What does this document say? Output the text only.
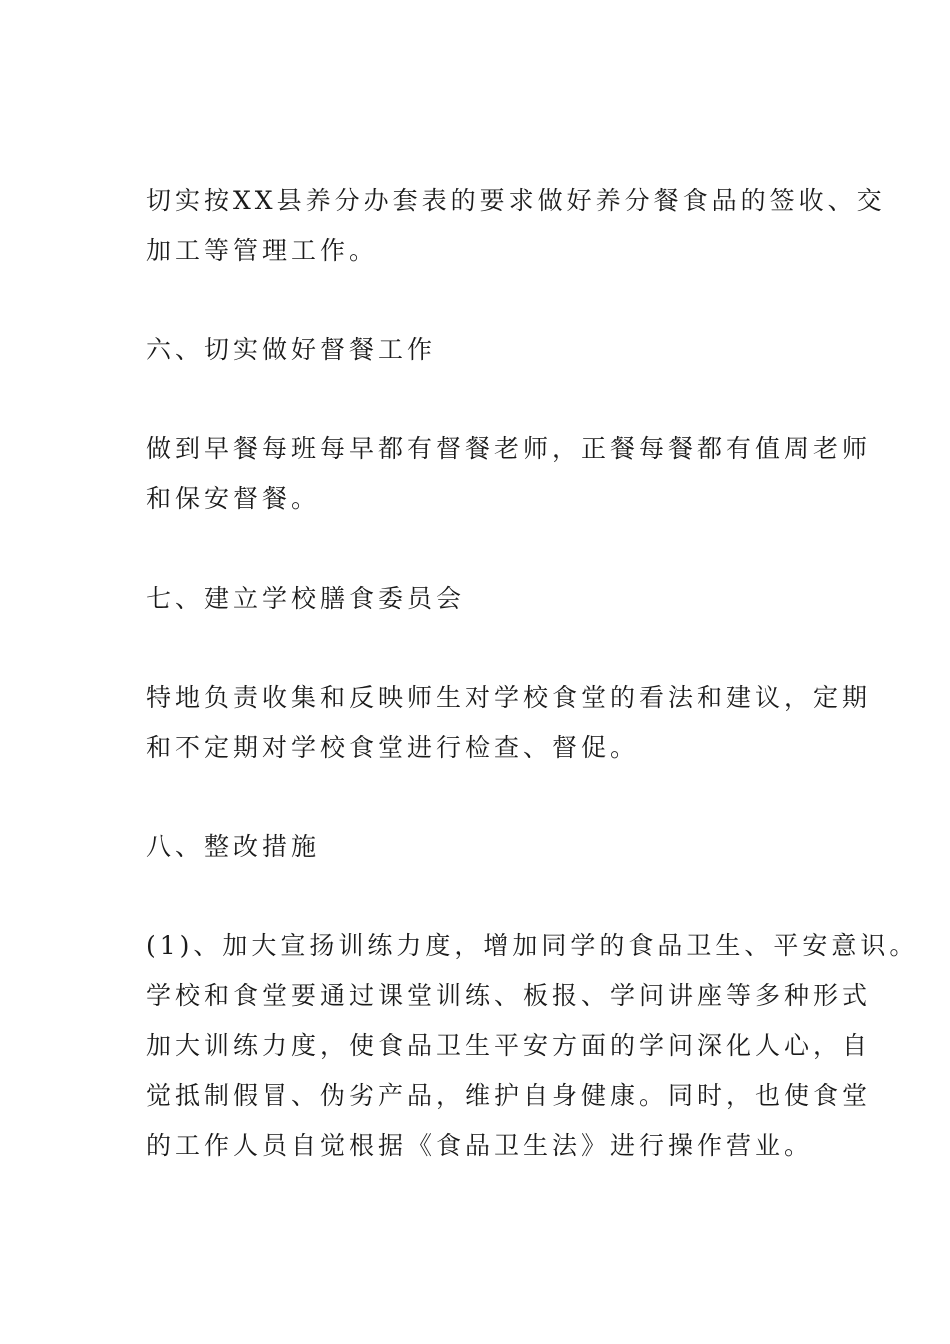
切实按XX县养分办套表的要求做好养分餐食品的签收、交
加工等管理工作。
六、切实做好督餐工作
做到早餐每班每早都有督餐老师，正餐每餐都有值周老师
和保安督餐。
七、建立学校膳食委员会
特地负责收集和反映师生对学校食堂的看法和建议，定期
和不定期对学校食堂进行检查、督促。
八、整改措施
(1)、加大宣扬训练力度，增加同学的食品卫生、平安意识。
学校和食堂要通过课堂训练、板报、学问讲座等多种形式
加大训练力度，使食品卫生平安方面的学问深化人心，自
觉抵制假冒、伪劣产品，维护自身健康。同时，也使食堂
的工作人员自觉根据《食品卫生法》进行操作营业。
